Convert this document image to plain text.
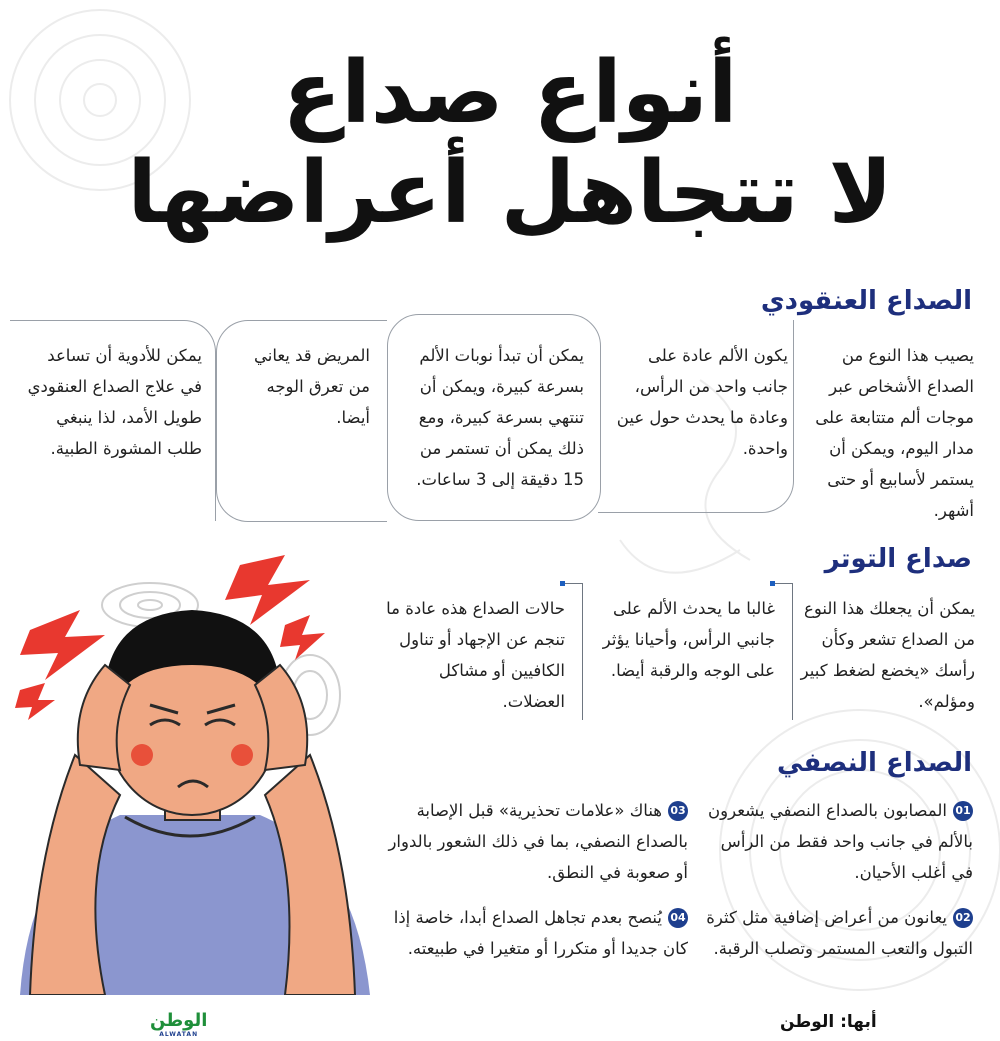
أنواع صداع
لا تتجاهل أعراضها
الصداع العنقودي
يصيب هذا النوع من الصداع الأشخاص عبر موجات ألم متتابعة على مدار اليوم، ويمكن أن يستمر لأسابيع أو حتى أشهر.
يكون الألم عادة على جانب واحد من الرأس، وعادة ما يحدث حول عين واحدة.
يمكن أن تبدأ نوبات الألم بسرعة كبيرة، ويمكن أن تنتهي بسرعة كبيرة، ومع ذلك يمكن أن تستمر من 15 دقيقة إلى 3 ساعات.
المريض قد يعاني من تعرق الوجه أيضا.
يمكن للأدوية أن تساعد في علاج الصداع العنقودي طويل الأمد، لذا ينبغي طلب المشورة الطبية.
صداع التوتر
يمكن أن يجعلك هذا النوع من الصداع تشعر وكأن رأسك «يخضع لضغط كبير ومؤلم».
غالبا ما يحدث الألم على جانبي الرأس، وأحيانا يؤثر على الوجه والرقبة أيضا.
حالات الصداع هذه عادة ما تنجم عن الإجهاد أو تناول الكافيين أو مشاكل العضلات.
الصداع النصفي
01المصابون بالصداع النصفي يشعرون بالألم في جانب واحد فقط من الرأس في أغلب الأحيان.
02يعانون من أعراض إضافية مثل كثرة التبول والتعب المستمر وتصلب الرقبة.
03هناك «علامات تحذيرية» قبل الإصابة بالصداع النصفي، بما في ذلك الشعور بالدوار أو صعوبة في النطق.
04يُنصح بعدم تجاهل الصداع أبدا، خاصة إذا كان جديدا أو متكررا أو متغيرا في طبيعته.
الوطن
ALWATAN
أبها: الوطن
